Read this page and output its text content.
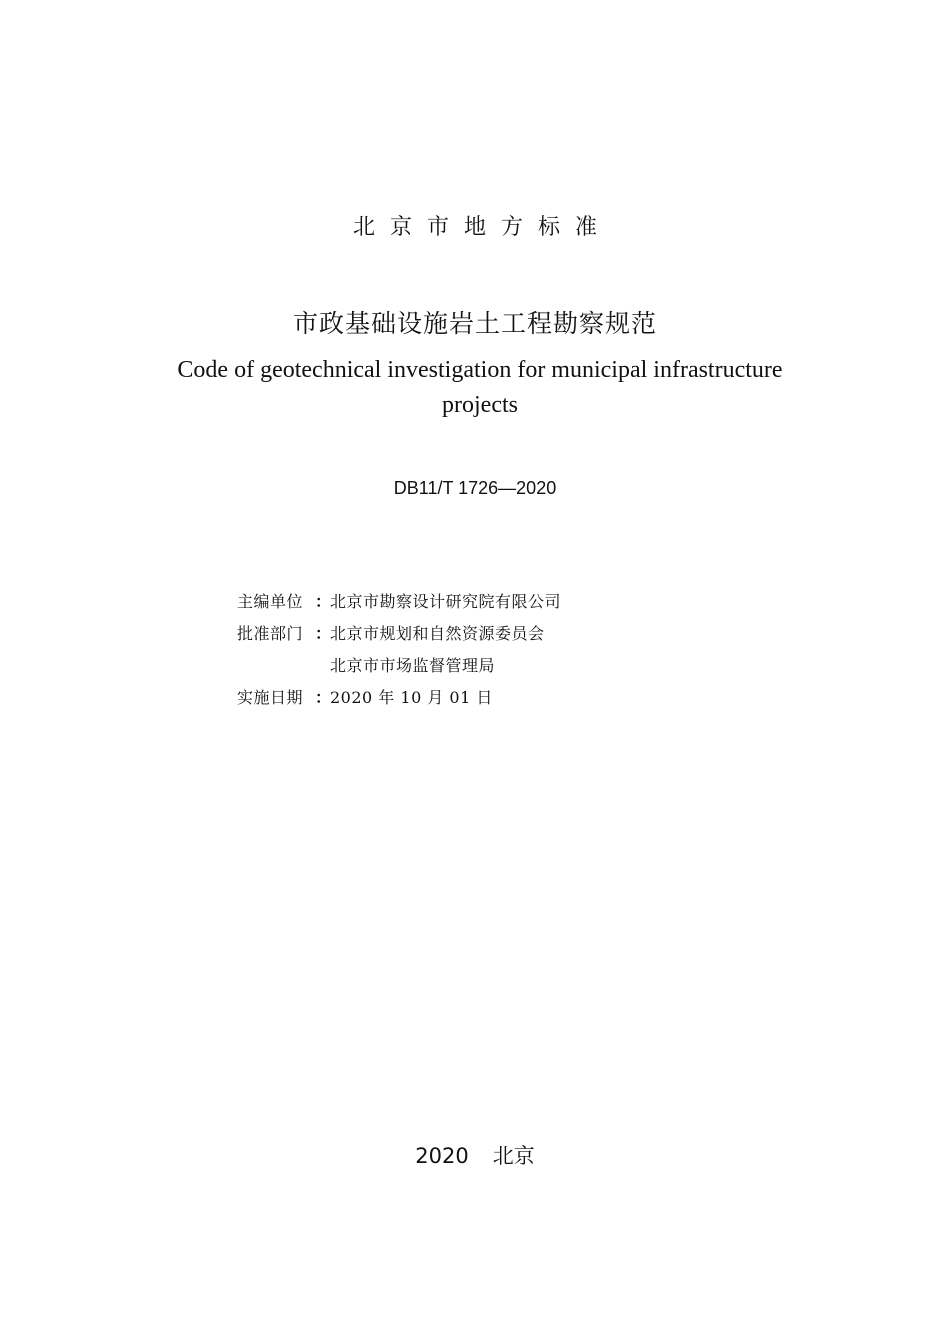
北京市地方标准
市政基础设施岩土工程勘察规范
Code of geotechnical investigation for municipal infrastructure projects
DB11/T 1726—2020
主编单位 ：北京市勘察设计研究院有限公司
批准部门 ：北京市规划和自然资源委员会
北京市市场监督管理局
实施日期 ：2020 年 10 月 01 日
2020 北京
